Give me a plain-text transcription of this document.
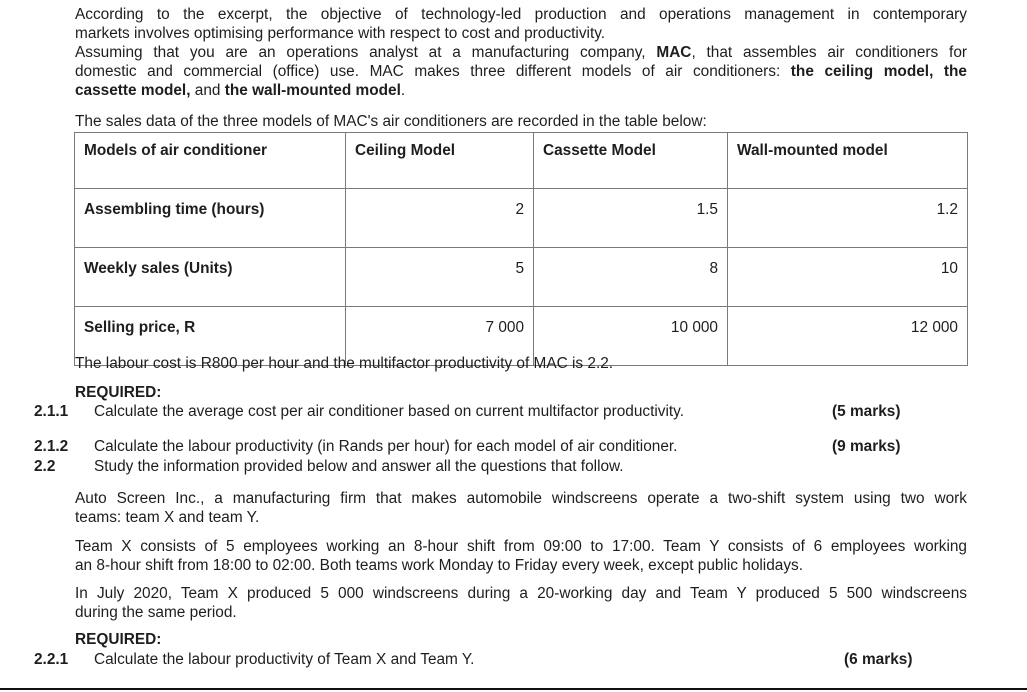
According to the excerpt, the objective of technology-led production and operations management in contemporary
markets involves optimising performance with respect to cost and productivity.
Assuming that you are an operations analyst at a manufacturing company, MAC, that assembles air conditioners for
domestic and commercial (office) use. MAC makes three different models of air conditioners: the ceiling model, the
cassette model, and the wall-mounted model.
The sales data of the three models of MAC's air conditioners are recorded in the table below:
Models of air conditioner	Ceiling Model	Cassette Model	Wall-mounted model
Assembling time (hours)	2	1.5	1.2
Weekly sales (Units)	5	8	10
Selling price, R	7 000	10 000	12 000
The labour cost is R800 per hour and the multifactor productivity of MAC is 2.2.
REQUIRED:
2.1.1 Calculate the average cost per air conditioner based on current multifactor productivity.	(5 marks)
2.1.2 Calculate the labour productivity (in Rands per hour) for each model of air conditioner.	(9 marks)
2.2	Study the information provided below and answer all the questions that follow.
Auto Screen Inc., a manufacturing firm that makes automobile windscreens operate a two-shift system using two work
teams: team X and team Y.
Team X consists of 5 employees working an 8-hour shift from 09:00 to 17:00. Team Y consists of 6 employees working
an 8-hour shift from 18:00 to 02:00. Both teams work Monday to Friday every week, except public holidays.
In July 2020, Team X produced 5 000 windscreens during a 20-working day and Team Y produced 5 500 windscreens
during the same period.
REQUIRED:
2.2.1 Calculate the labour productivity of Team X and Team Y.	(6 marks)
